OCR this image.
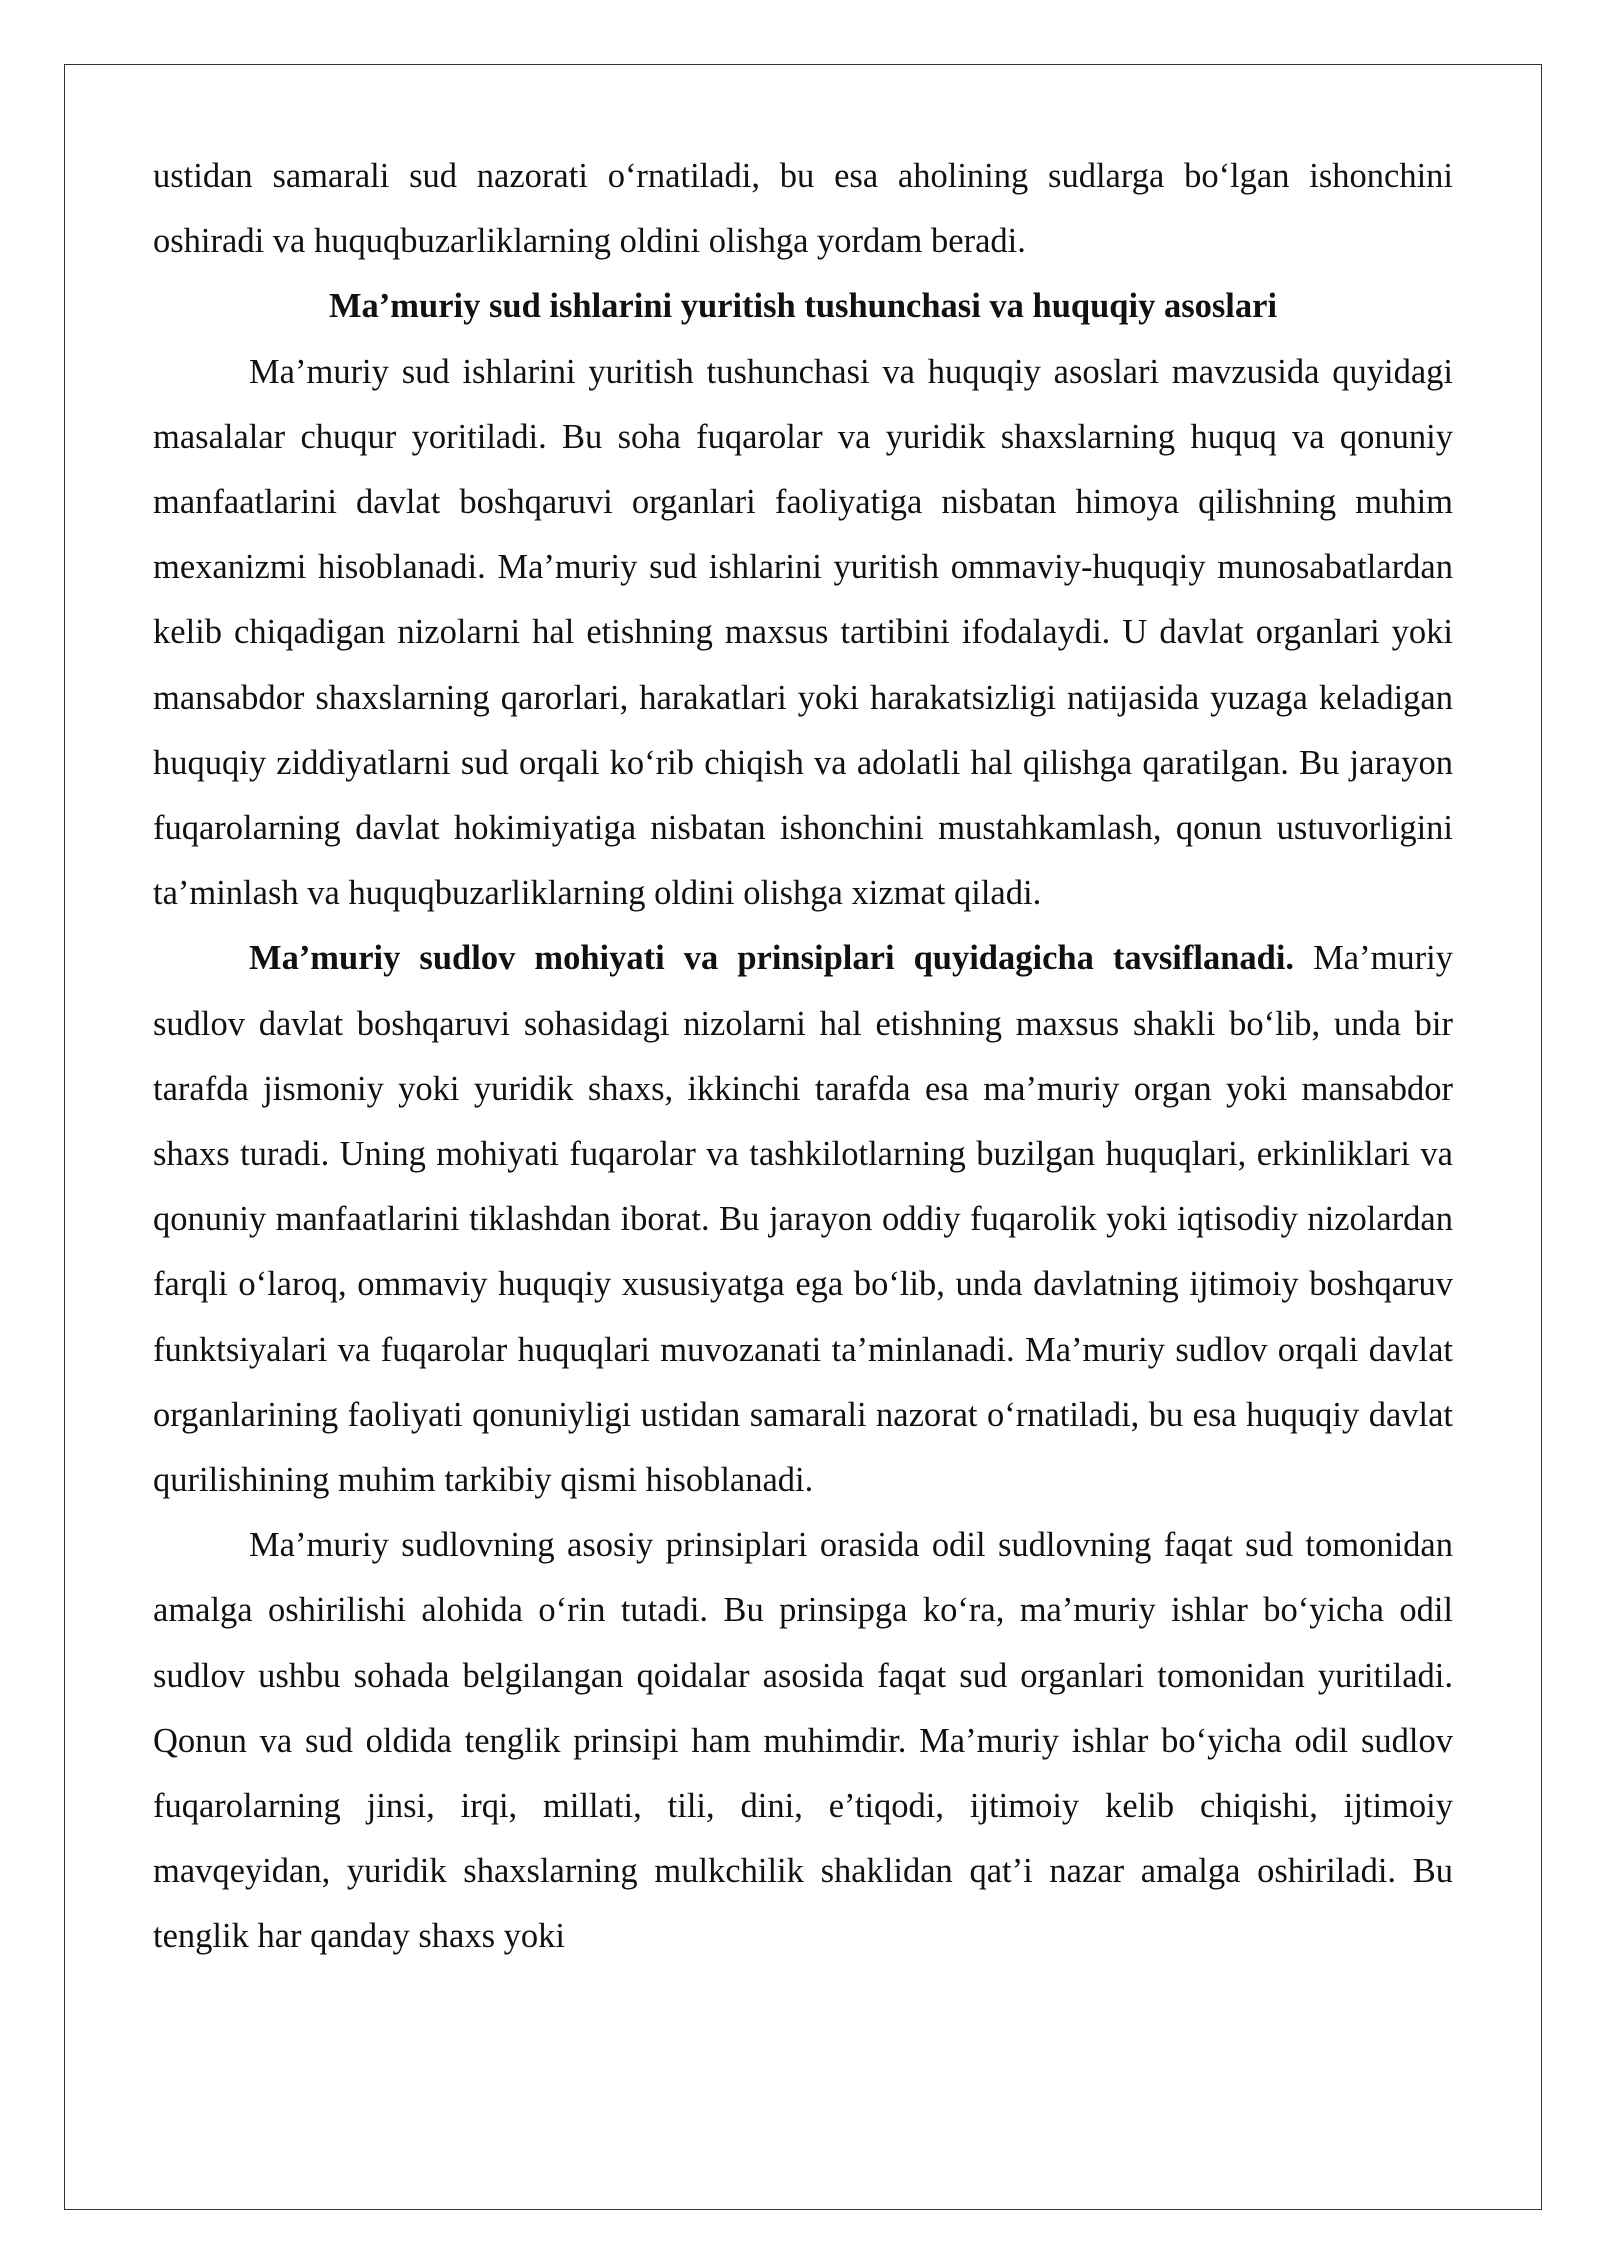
ustidan samarali sud nazorati o‘rnatiladi, bu esa aholining sudlarga bo‘lgan ishonchini oshiradi va huquqbuzarliklarning oldini olishga yordam beradi.

Ma’muriy sud ishlarini yuritish tushunchasi va huquqiy asoslari

Ma’muriy sud ishlarini yuritish tushunchasi va huquqiy asoslari mavzusida quyidagi masalalar chuqur yoritiladi. Bu soha fuqarolar va yuridik shaxslarning huquq va qonuniy manfaatlarini davlat boshqaruvi organlari faoliyatiga nisbatan himoya qilishning muhim mexanizmi hisoblanadi. Ma’muriy sud ishlarini yuritish ommaviy-huquqiy munosabatlardan kelib chiqadigan nizolarni hal etishning maxsus tartibini ifodalaydi. U davlat organlari yoki mansabdor shaxslarning qarorlari, harakatlari yoki harakatsizligi natijasida yuzaga keladigan huquqiy ziddiyatlarni sud orqali ko‘rib chiqish va adolatli hal qilishga qaratilgan. Bu jarayon fuqarolarning davlat hokimiyatiga nisbatan ishonchini mustahkamlash, qonun ustuvorligini ta’minlash va huquqbuzarliklarning oldini olishga xizmat qiladi.

Ma’muriy sudlov mohiyati va prinsiplari quyidagicha tavsiflanadi. Ma’muriy sudlov davlat boshqaruvi sohasidagi nizolarni hal etishning maxsus shakli bo‘lib, unda bir tarafda jismoniy yoki yuridik shaxs, ikkinchi tarafda esa ma’muriy organ yoki mansabdor shaxs turadi. Uning mohiyati fuqarolar va tashkilotlarning buzilgan huquqlari, erkinliklari va qonuniy manfaatlarini tiklashdan iborat. Bu jarayon oddiy fuqarolik yoki iqtisodiy nizolardan farqli o‘laroq, ommaviy huquqiy xususiyatga ega bo‘lib, unda davlatning ijtimoiy boshqaruv funktsiyalari va fuqarolar huquqlari muvozanati ta’minlanadi. Ma’muriy sudlov orqali davlat organlarining faoliyati qonuniyligi ustidan samarali nazorat o‘rnatiladi, bu esa huquqiy davlat qurilishining muhim tarkibiy qismi hisoblanadi.

Ma’muriy sudlovning asosiy prinsiplari orasida odil sudlovning faqat sud tomonidan amalga oshirilishi alohida o‘rin tutadi. Bu prinsipga ko‘ra, ma’muriy ishlar bo‘yicha odil sudlov ushbu sohada belgilangan qoidalar asosida faqat sud organlari tomonidan yuritiladi. Qonun va sud oldida tenglik prinsipi ham muhimdir. Ma’muriy ishlar bo‘yicha odil sudlov fuqarolarning jinsi, irqi, millati, tili, dini, e’tiqodi, ijtimoiy kelib chiqishi, ijtimoiy mavqeyidan, yuridik shaxslarning mulkchilik shaklidan qat’i nazar amalga oshiriladi. Bu tenglik har qanday shaxs yoki
